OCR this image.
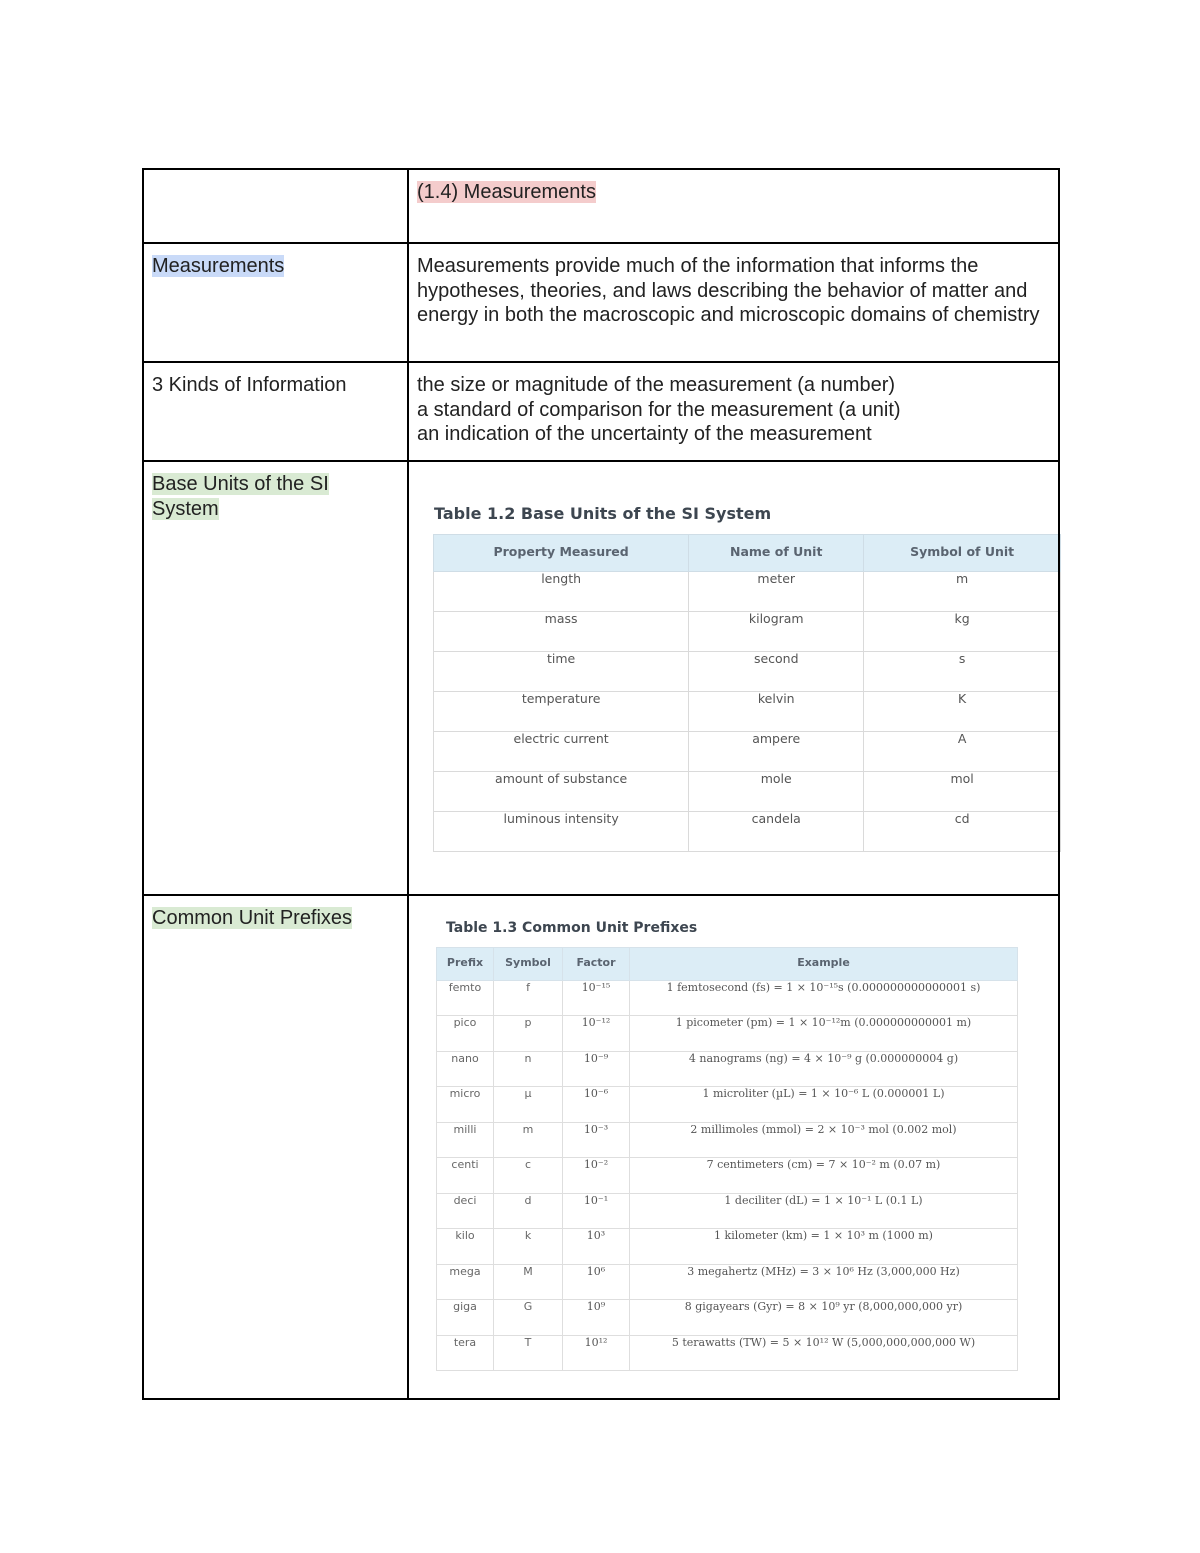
	(1.4) Measurements
Measurements	Measurements provide much of the information that informs the hypotheses, theories, and laws describing the behavior of matter and energy in both the macroscopic and microscopic domains of chemistry
3 Kinds of Information	the size or magnitude of the measurement (a number)
a standard of comparison for the measurement (a unit)
an indication of the uncertainty of the measurement

Base Units of the SI System	Table 1.2 Base Units of the SI System
Property Measured	Name of Unit	Symbol of Unit
length	meter	m
mass	kilogram	kg
time	second	s
temperature	kelvin	K
electric current	ampere	A
amount of substance	mole	mol
luminous intensity	candela	cd

Common Unit Prefixes	Table 1.3 Common Unit Prefixes
Prefix	Symbol	Factor	Example
femto	f	10⁻¹⁵	1 femtosecond (fs) = 1 × 10⁻¹⁵s (0.000000000000001 s)
pico	p	10⁻¹²	1 picometer (pm) = 1 × 10⁻¹²m (0.000000000001 m)
nano	n	10⁻⁹	4 nanograms (ng) = 4 × 10⁻⁹ g (0.000000004 g)
micro	µ	10⁻⁶	1 microliter (µL) = 1 × 10⁻⁶ L (0.000001 L)
milli	m	10⁻³	2 millimoles (mmol) = 2 × 10⁻³ mol (0.002 mol)
centi	c	10⁻²	7 centimeters (cm) = 7 × 10⁻² m (0.07 m)
deci	d	10⁻¹	1 deciliter (dL) = 1 × 10⁻¹ L (0.1 L)
kilo	k	10³	1 kilometer (km) = 1 × 10³ m (1000 m)
mega	M	10⁶	3 megahertz (MHz) = 3 × 10⁶ Hz (3,000,000 Hz)
giga	G	10⁹	8 gigayears (Gyr) = 8 × 10⁹ yr (8,000,000,000 yr)
tera	T	10¹²	5 terawatts (TW) = 5 × 10¹² W (5,000,000,000,000 W)
